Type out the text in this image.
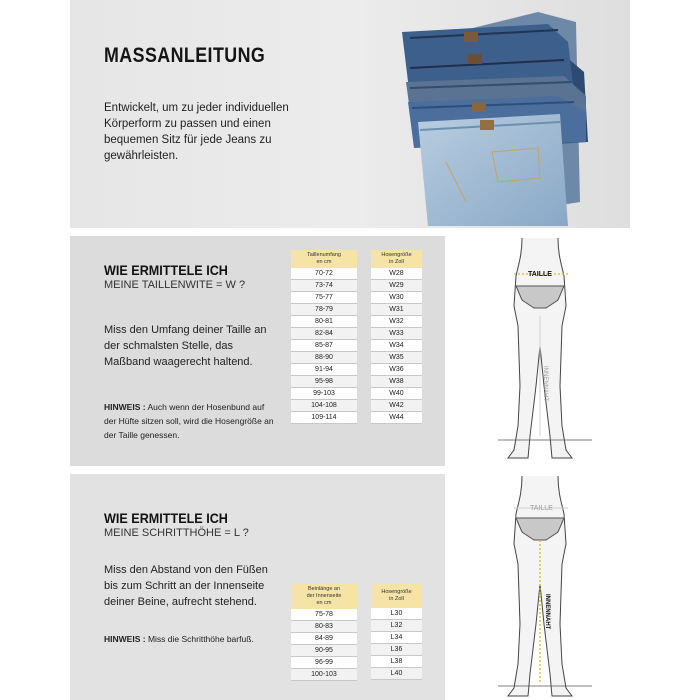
MASSANLEITUNG
Entwickelt, um zu jeder individuellen Körperform zu passen und einen bequemen Sitz für jede Jeans zu gewährleisten.
WIE ERMITTELE ICH
MEINE TAILLENWITE = W ?
Miss den Umfang deiner Taille an der schmalsten Stelle, das Maßband waagerecht haltend.
HINWEIS : Auch wenn der Hosenbund auf der Hüfte sitzen soll, wird die Hosengröße an der Taille genessen.
Taillenumfang
en cm
70-72
73-74
75-77
78-79
80-81
82-84
85-87
88-90
91-94
95-98
99-103
104-108
109-114
Hosengröße
in Zoll
W28
W29
W30
W31
W32
W33
W34
W35
W36
W38
W40
W42
W44
TAILLE
INNENNAHT
WIE ERMITTELE ICH
MEINE SCHRITTHÖHE = L ?
Miss den Abstand von den Füßen bis zum Schritt an der Innenseite deiner Beine, aufrecht stehend.
HINWEIS : Miss die Schritthöhe barfuß.
Beinlänge an
der Innenseite
en cm
75-78
80-83
84-89
90-95
96-99
100-103
Hosengröße
in Zoll
L30
L32
L34
L36
L38
L40
TAILLE
INNENNAHT
